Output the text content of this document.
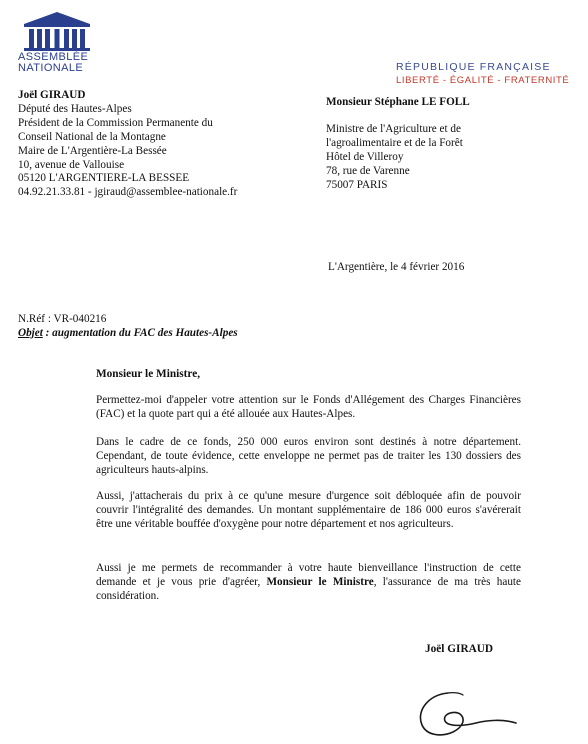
ASSEMBLÉE
NATIONALE	RÉPUBLIQUE FRANÇAISE
LIBERTÉ - ÉGALITÉ - FRATERNITÉ
Joël GIRAUD
Député des Hautes-Alpes
Président de la Commission Permanente du
Conseil National de la Montagne
Maire de L'Argentière-La Bessée
10, avenue de Vallouise
05120 L'ARGENTIERE-LA BESSEE
04.92.21.33.81 - jgiraud@assemblee-nationale.fr
Monsieur Stéphane LE FOLL
Ministre de l'Agriculture et de
l'agroalimentaire et de la Forêt
Hôtel de Villeroy
78, rue de Varenne
75007 PARIS
L'Argentière, le 4 février 2016
N.Réf : VR-040216
Objet : augmentation du FAC des Hautes-Alpes
Monsieur le Ministre,
Permettez-moi d'appeler votre attention sur le Fonds d'Allégement des Charges Financières (FAC) et la quote part qui a été allouée aux Hautes-Alpes.
Dans le cadre de ce fonds, 250 000 euros environ sont destinés à notre département. Cependant, de toute évidence, cette enveloppe ne permet pas de traiter les 130 dossiers des agriculteurs hauts-alpins.
Aussi, j'attacherais du prix à ce qu'une mesure d'urgence soit débloquée afin de pouvoir couvrir l'intégralité des demandes. Un montant supplémentaire de 186 000 euros s'avérerait être une véritable bouffée d'oxygène pour notre département et nos agriculteurs.
Aussi je me permets de recommander à votre haute bienveillance l'instruction de cette demande et je vous prie d'agréer, Monsieur le Ministre, l'assurance de ma très haute considération.
Joël GIRAUD
